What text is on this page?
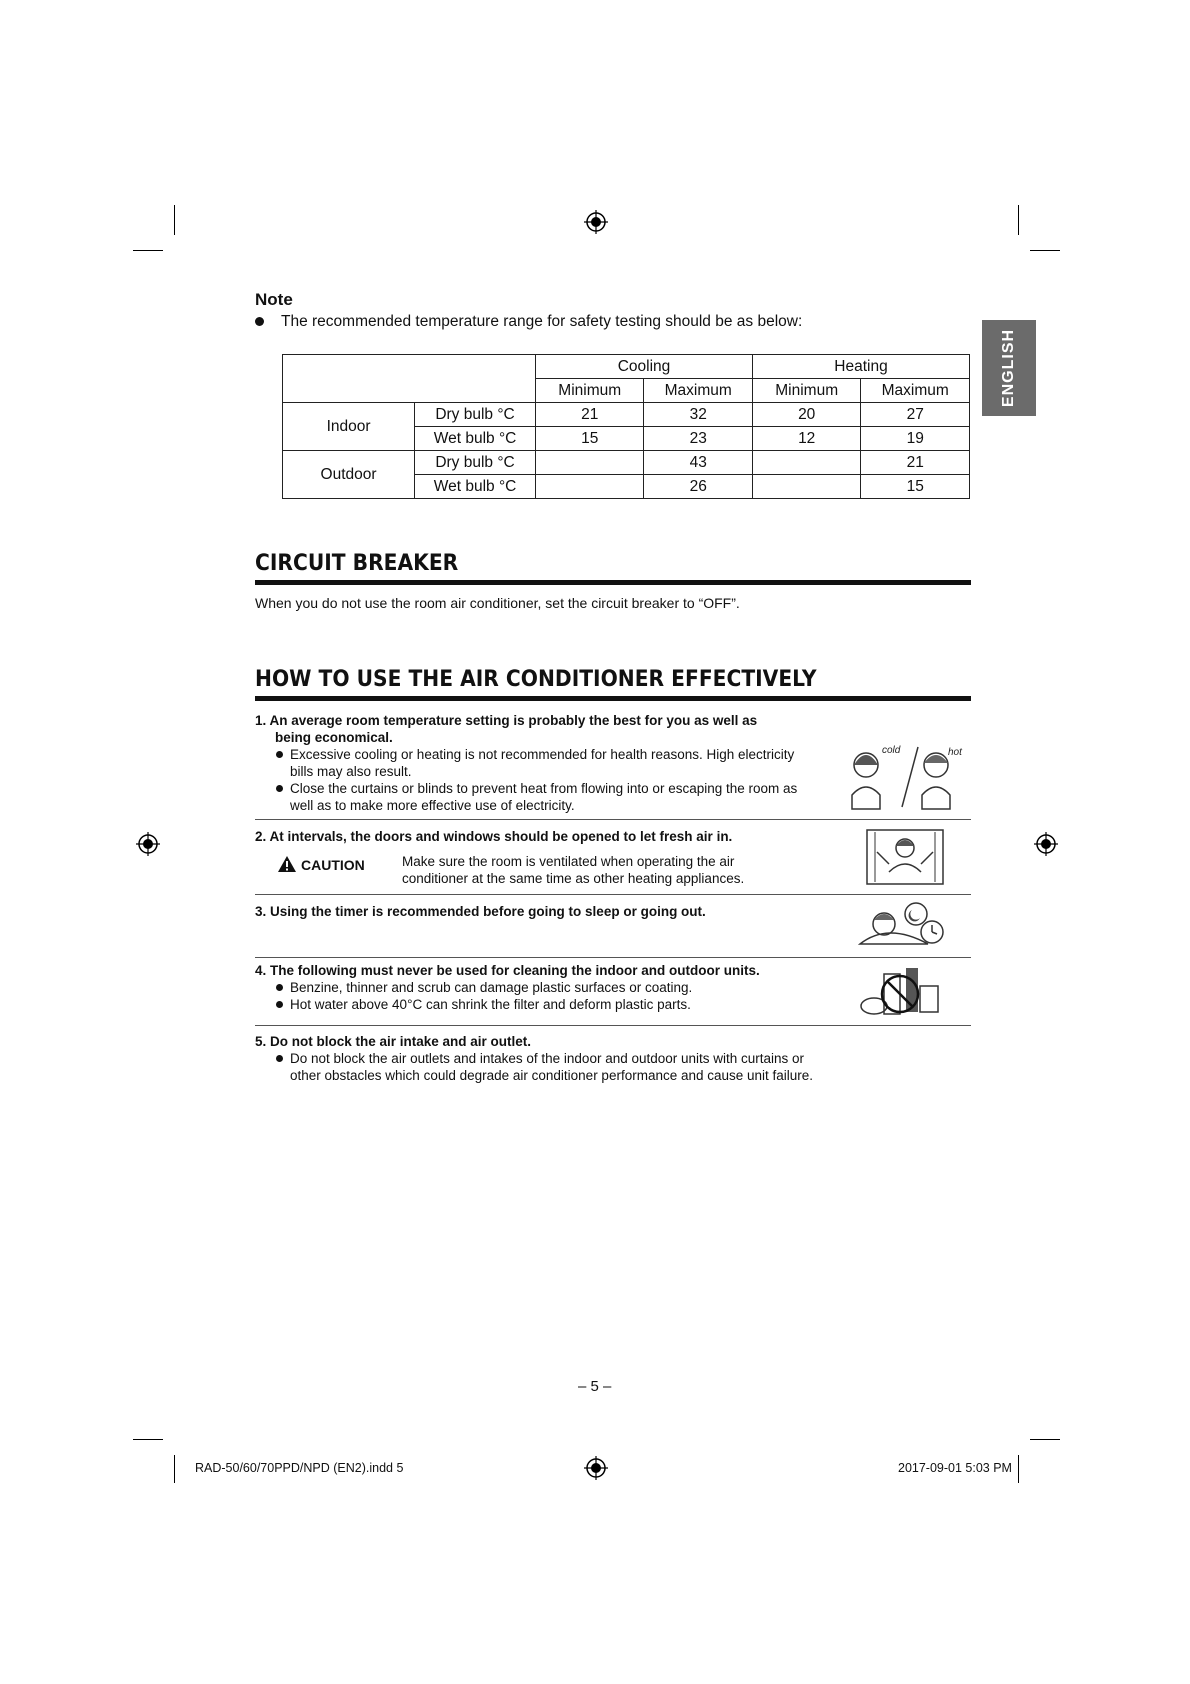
ENGLISH
Note
The recommended temperature range for safety testing should be as below:
		Cooling		Heating	
		Minimum	Maximum	Minimum	Maximum
Indoor	Dry bulb °C	21	32	20	27
	Wet bulb °C	15	23	12	19
Outdoor	Dry bulb °C		43		21
	Wet bulb °C		26		15
CIRCUIT BREAKER
When you do not use the room air conditioner, set the circuit breaker to “OFF”.
HOW TO USE THE AIR CONDITIONER EFFECTIVELY
1. An average room temperature setting is probably the best for you as well as
being economical.
Excessive cooling or heating is not recommended for health reasons. High electricity bills may also result.
Close the curtains or blinds to prevent heat from flowing into or escaping the room as well as to make more effective use of electricity.
cold	hot
2. At intervals, the doors and windows should be opened to let fresh air in.
CAUTION	Make sure the room is ventilated when operating the air conditioner at the same time as other heating appliances.
3. Using the timer is recommended before going to sleep or going out.
4. The following must never be used for cleaning the indoor and outdoor units.
Benzine, thinner and scrub can damage plastic surfaces or coating.
Hot water above 40°C can shrink the filter and deform plastic parts.
5. Do not block the air intake and air outlet.
Do not block the air outlets and intakes of the indoor and outdoor units with curtains or other obstacles which could degrade air conditioner performance and cause unit failure.
– 5 –
RAD-50/60/70PPD/NPD (EN2).indd 5	2017-09-01 5:03 PM
